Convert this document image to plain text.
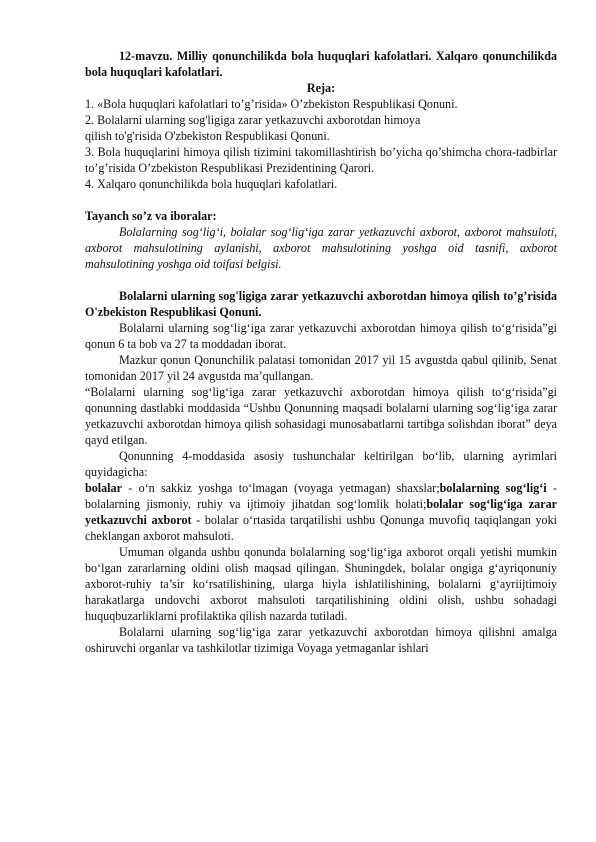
12-mavzu. Milliy qonunchilikda bola huquqlari kafolatlari. Xalqaro qonunchilikda bola huquqlari kafolatlari.

Reja:

1. «Bola huquqlari kafolatlari to’g’risida» O’zbekiston Respublikasi Qonuni.

2. Bolalarni ularning sog'ligiga zarar yetkazuvchi axborotdan himoya

qilish to'g'risida O'zbekiston Respublikasi Qonuni.

3. Bola huquqlarini himoya qilish tizimini takomillashtirish bo’yicha qo’shimcha chora-tadbirlar to’g’risida O’zbekiston Respublikasi Prezidentining Qarori.

4. Xalqaro qonunchilikda bola huquqlari kafolatlari.

Tayanch so’z va iboralar:

Bolalarning sog‘lig‘i, bolalar sog‘lig‘iga zarar yetkazuvchi axborot, axborot mahsuloti, axborot mahsulotining aylanishi, axborot mahsulotining yoshga oid tasnifi, axborot mahsulotining yoshga oid toifasi belgisi.

Bolalarni ularning sog'ligiga zarar yetkazuvchi axborotdan himoya qilish to’g’risida O'zbekiston Respublikasi Qonuni.

Bolalarni ularning sog‘lig‘iga zarar yetkazuvchi axborotdan himoya qilish to‘g‘risida”gi qonun 6 ta bob va 27 ta moddadan iborat.

Mazkur qonun Qonunchilik palatasi tomonidan 2017 yil 15 avgustda qabul qilinib, Senat tomonidan 2017 yil 24 avgustda ma’qullangan.

“Bolalarni ularning sog‘lig‘iga zarar yetkazuvchi axborotdan himoya qilish to‘g‘risida”gi qonunning dastlabki moddasida “Ushbu Qonunning maqsadi bolalarni ularning sog‘lig‘iga zarar yetkazuvchi axborotdan himoya qilish sohasidagi munosabatlarni tartibga solishdan iborat” deya qayd etilgan.

Qonunning 4-moddasida asosiy tushunchalar keltirilgan bo‘lib, ularning ayrimlari quyidagicha:

bolalar - o‘n sakkiz yoshga to‘lmagan (voyaga yetmagan) shaxslar;bolalarning sog‘lig‘i - bolalarning jismoniy, ruhiy va ijtimoiy jihatdan sog‘lomlik holati;bolalar sog‘lig‘iga zarar yetkazuvchi axborot - bolalar o‘rtasida tarqatilishi ushbu Qonunga muvofiq taqiqlangan yoki cheklangan axborot mahsuloti.

Umuman olganda ushbu qonunda bolalarning sog‘lig‘iga axborot orqali yetishi mumkin bo‘lgan zararlarning oldini olish maqsad qilingan. Shuningdek, bolalar ongiga g‘ayriqonuniy axborot-ruhiy ta’sir ko‘rsatilishining, ularga hiyla ishlatilishining, bolalarni g‘ayriijtimoiy harakatlarga undovchi axborot mahsuloti tarqatilishining oldini olish, ushbu sohadagi huquqbuzarliklarni profilaktika qilish nazarda tutiladi.

Bolalarni ularning sog‘lig‘iga zarar yetkazuvchi axborotdan himoya qilishni amalga oshiruvchi organlar va tashkilotlar tizimiga Voyaga yetmaganlar ishlari
